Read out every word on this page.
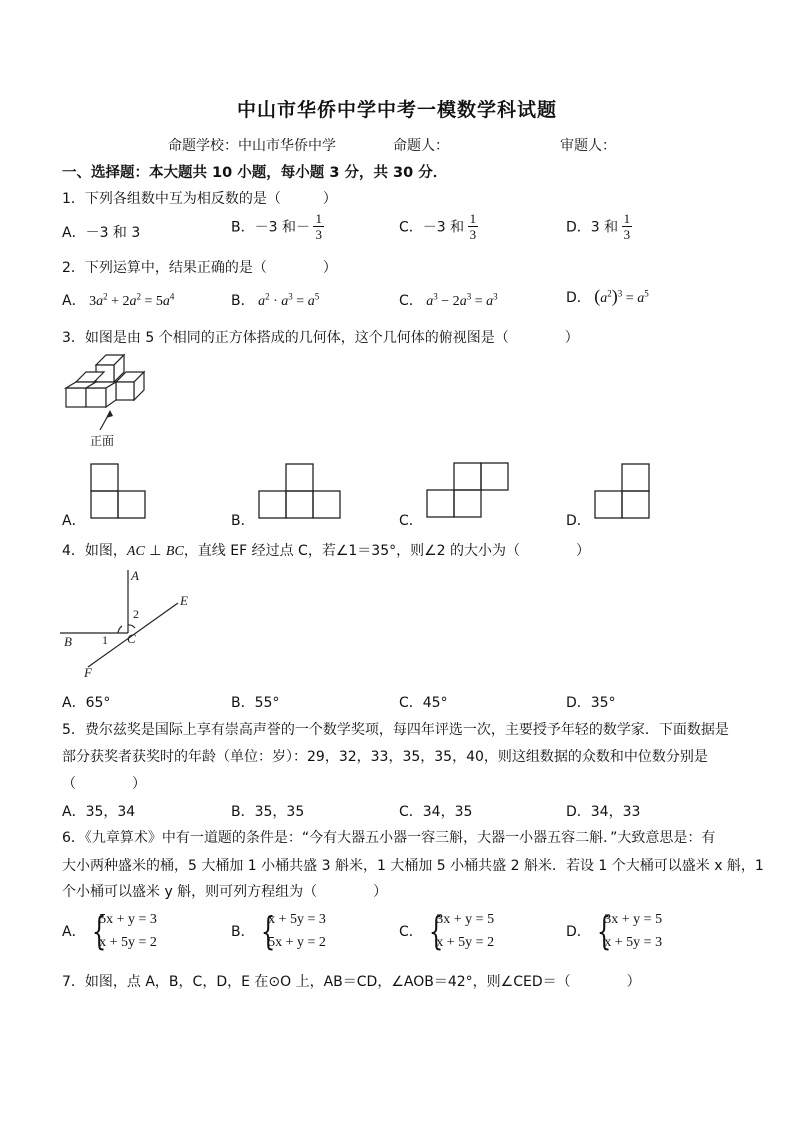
中山市华侨中学中考一模数学科试题
命题学校：中山市华侨中学	命题人：	审题人：
一、选择题：本大题共 10 小题，每小题 3 分，共 30 分．
1．下列各组数中互为相反数的是（　　　）
A．－3 和 3	B．－3 和－ $\frac{1}{3}$	C．－3 和 $\frac{1}{3}$	D．3 和 $\frac{1}{3}$
2．下列运算中，结果正确的是（　　　　）
A． $3a^2 + 2a^2 = 5a^4$	B． $a^2 \cdot a^3 = a^5$	C． $a^3 - 2a^3 = a^3$	D． $(a^2)^3 = a^5$
3．如图是由 5 个相同的正方体搭成的几何体，这个几何体的俯视图是（　　　　）
正面
A．	B．	C．	D．
4．如图，AC ⊥ BC，直线 EF 经过点 C，若∠1＝35°，则∠2 的大小为（　　　　）
A
B	C
E
F
1
2
A．65°	B．55°	C．45°	D．35°
5．费尔兹奖是国际上享有崇高声誉的一个数学奖项，每四年评选一次，主要授予年轻的数学家．下面数据是
部分获奖者获奖时的年龄（单位：岁）：29，32，33，35，35，40，则这组数据的众数和中位数分别是
（　　　　）
A．35，34	B．35，35	C．34，35	D．34，33
6．《九章算术》中有一道题的条件是：“今有大器五小器一容三斛，大器一小器五容二斛．”大致意思是：有
大小两种盛米的桶，5 大桶加 1 小桶共盛 3 斛米，1 大桶加 5 小桶共盛 2 斛米．若设 1 个大桶可以盛米 x 斛，1
个小桶可以盛米 y 斛，则可列方程组为（　　　　）
A． {
5x + y = 3
x + 5y = 2
B． {
x + 5y = 3
5x + y = 2
C． {
3x + y = 5
x + 5y = 2
D． {
3x + y = 5
x + 5y = 3
7．如图，点 A，B，C，D，E 在⊙O 上，AB＝CD，∠AOB＝42°，则∠CED＝（　　　　）
